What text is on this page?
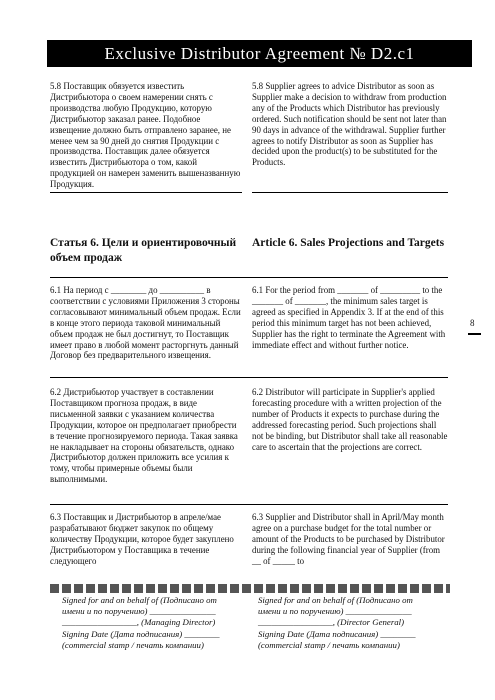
Exclusive Distributor Agreement № D2.c1

5.8 Поставщик обязуется известить Дистрибьютора о своем намерении снять с производства любую Продукцию, которую Дистрибьютор заказал ранее. Подобное извещение должно быть отправлено заранее, не менее чем за 90 дней до снятия Продукции с производства. Поставщик далее обязуется известить Дистрибьютора о том, какой продукцией он намерен заменить вышеназванную Продукция.

5.8 Supplier agrees to advice Distributor as soon as Supplier make a decision to withdraw from production any of the Products which Distributor has previously ordered. Such notification should be sent not later than 90 days in advance of the withdrawal. Supplier further agrees to notify Distributor as soon as Supplier has decided upon the product(s) to be substituted for the Products.

Статья 6. Цели и ориентировочный объем продаж

Article 6. Sales Projections and Targets

6.1 На период с ________ до __________ в соответствии с условиями Приложения 3 стороны согласовывают минимальный объем продаж. Если в конце этого периода таковой минимальный объем продаж не был достигнут, то Поставщик имеет право в любой момент расторгнуть данный Договор без предварительного извещения.

6.1 For the period from _______ of _________ to the _______ of _______, the minimum sales target is agreed as specified in Appendix 3. If at the end of this period this minimum target has not been achieved, Supplier has the right to terminate the Agreement with immediate effect and without further notice.

6.2 Дистрибьютор участвует в составлении Поставщиком прогноза продаж, в виде письменной заявки с указанием количества Продукции, которое он предполагает приобрести в течение прогнозируемого периода. Такая заявка не накладывает на стороны обязательств, однако Дистрибьютор должен приложить все усилия к тому, чтобы примерные объемы были выполнимыми.

6.2 Distributor will participate in Supplier's applied forecasting procedure with a written projection of the number of Products it expects to purchase during the addressed forecasting period. Such projections shall not be binding, but Distributor shall take all reasonable care to ascertain that the projections are correct.

6.3 Поставщик и Дистрибьютор в апреле/мае разрабатывают бюджет закупок по общему количеству Продукции, которое будет закуплено Дистрибьютором у Поставщика в течение следующего

6.3 Supplier and Distributor shall in April/May month agree on a purchase budget for the total number or amount of the Products to be purchased by Distributor during the following financial year of Supplier (from __ of _____ to

8

Signed for and on behalf of (Подписано от

имени и по поручению) _______________

_________________, (Managing Director)

Signing Date (Дата подписания) ________

(commercial stamp / печать компании)

Signed for and on behalf of (Подписано от

имени и по поручению) _______________

_________________, (Director General)

Signing Date (Дата подписания) ________

(commercial stamp / печать компании)
